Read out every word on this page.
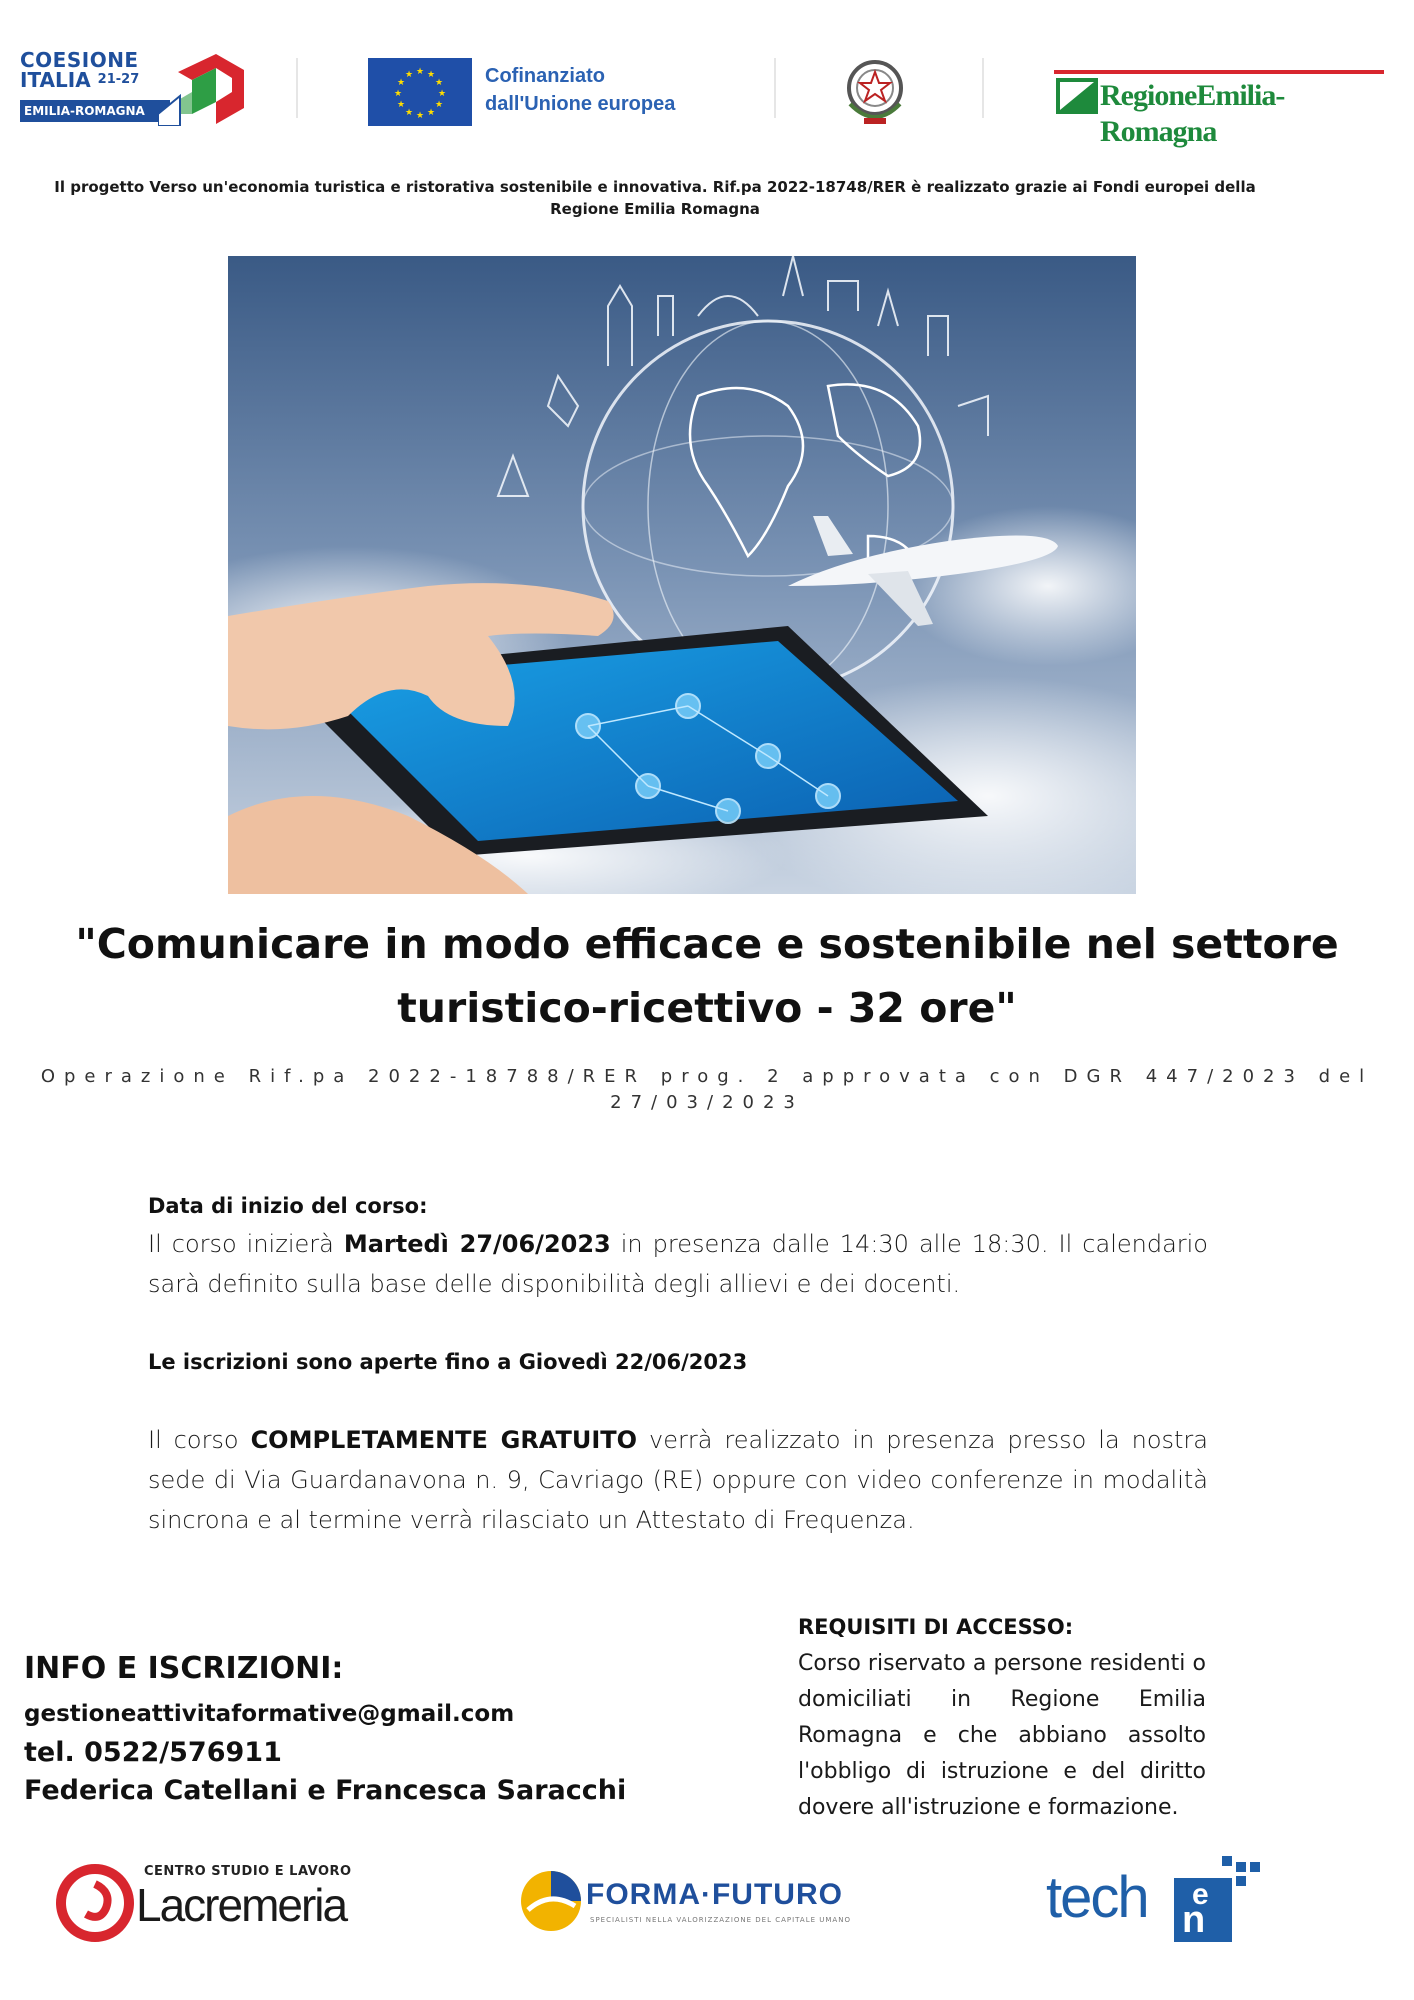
COESIONE
ITALIA $^{21-27}$
EMILIA-ROMAGNA
★ ★
★
★
★
★
★
★
★
★
★
★	Cofinanziato
dall'Unione europea	RegioneEmilia-Romagna
Il progetto Verso un'economia turistica e ristorativa sostenibile e innovativa. Rif.pa 2022-18748/RER è realizzato grazie ai Fondi europei della Regione Emilia Romagna
"Comunicare in modo efficace e sostenibile nel settore turistico-ricettivo - 32 ore"
Operazione Rif.pa 2022-18788/RER prog. 2 approvata con DGR 447/2023 del 27/03/2023
Data di inizio del corso:
Il corso inizierà Martedì 27/06/2023 in presenza dalle 14:30 alle 18:30. Il calendario sarà definito sulla base delle disponibilità degli allievi e dei docenti.
Le iscrizioni sono aperte fino a Giovedì 22/06/2023
Il corso COMPLETAMENTE GRATUITO verrà realizzato in presenza presso la nostra sede di Via Guardanavona n. 9, Cavriago (RE) oppure con video conferenze in modalità sincrona e al termine verrà rilasciato un Attestato di Frequenza.
INFO E ISCRIZIONI:
gestioneattivitaformative@gmail.com
tel. 0522/576911
Federica Catellani e Francesca Saracchi
REQUISITI DI ACCESSO:
Corso riservato a persone residenti o domiciliati in Regione Emilia Romagna e che abbiano assolto l'obbligo di istruzione e del diritto dovere all'istruzione e formazione.
CENTRO STUDIO E LAVORO
Lacremeria	FORMA·FUTURO
SPECIALISTI NELLA VALORIZZAZIONE DEL CAPITALE UMANO	tech n
e
